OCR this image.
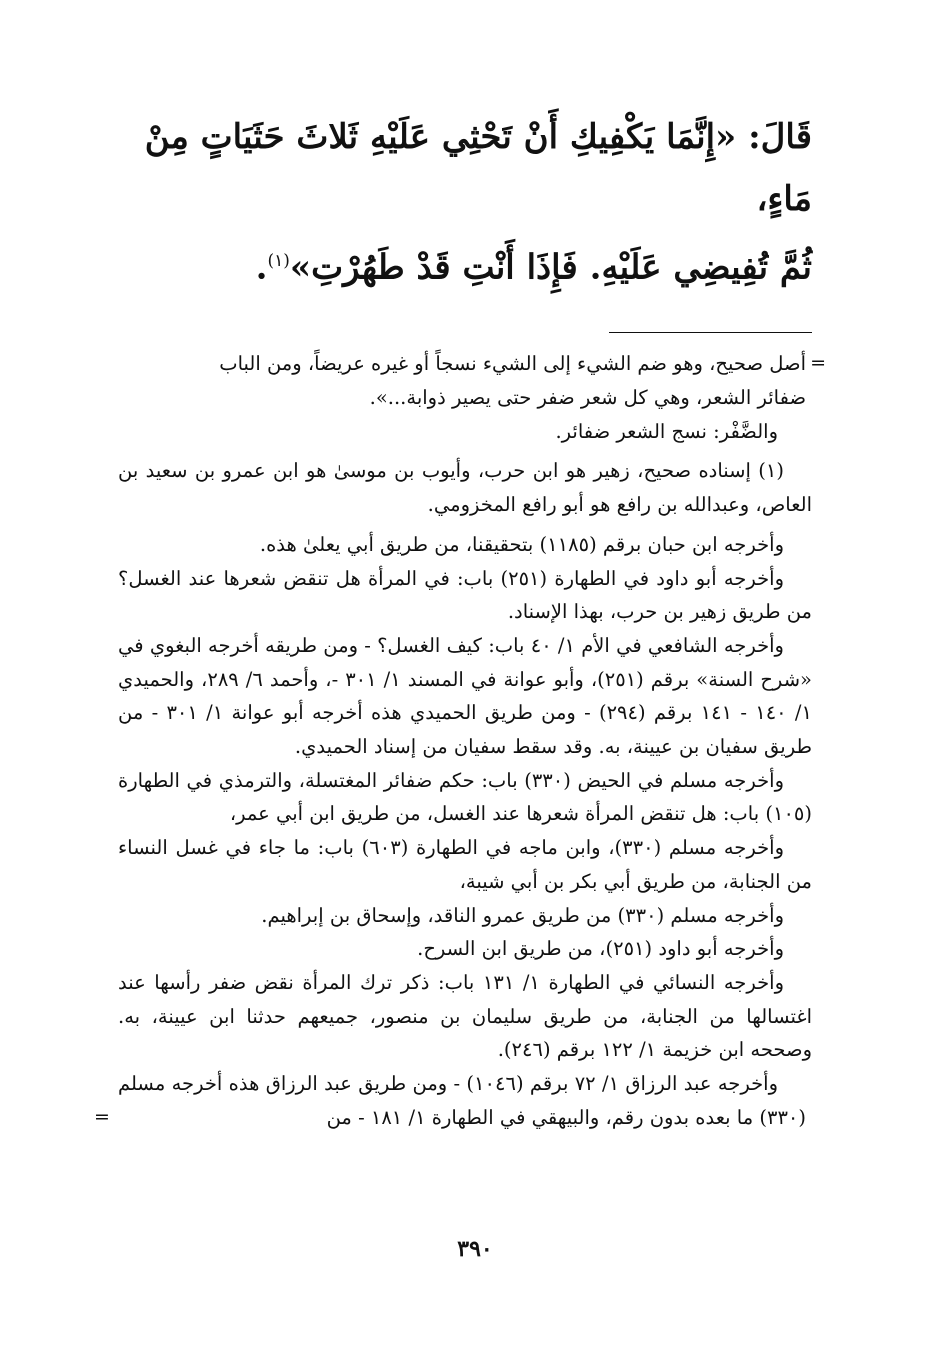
قَالَ: «إِنَّمَا يَكْفِيكِ أَنْ تَحْثِي عَلَيْهِ ثَلاثَ حَثَيَاتٍ مِنْ مَاءٍ،

ثُمَّ تُفِيضِي عَلَيْهِ. فَإِذَا أَنْتِ قَدْ طَهُرْتِ»$^{(١)}$.

=

أصل صحيح، وهو ضم الشيء إلى الشيء نسجاً أو غيره عريضاً، ومن الباب

ضفائر الشعر، وهي كل شعر ضفر حتى يصير ذوابة...».

والضَّفْر: نسج الشعر ضفائر.

(١) إسناده صحيح، زهير هو ابن حرب، وأيوب بن موسىٰ هو ابن عمرو بن سعيد بن العاص، وعبدالله بن رافع هو أبو رافع المخزومي.

وأخرجه ابن حبان برقم (١١٨٥) بتحقيقنا، من طريق أبي يعلىٰ هذه.

وأخرجه أبو داود في الطهارة (٢٥١) باب: في المرأة هل تنقض شعرها عند الغسل؟ من طريق زهير بن حرب، بهذا الإسناد.

وأخرجه الشافعي في الأم ١/ ٤٠ باب: كيف الغسل؟ - ومن طريقه أخرجه البغوي في «شرح السنة» برقم (٢٥١)، وأبو عوانة في المسند ١/ ٣٠١ -، وأحمد ٦/ ٢٨٩، والحميدي ١/ ١٤٠ - ١٤١ برقم (٢٩٤) - ومن طريق الحميدي هذه أخرجه أبو عوانة ١/ ٣٠١ - من طريق سفيان بن عيينة، به. وقد سقط سفيان من إسناد الحميدي.

وأخرجه مسلم في الحيض (٣٣٠) باب: حكم ضفائر المغتسلة، والترمذي في الطهارة (١٠٥) باب: هل تنقض المرأة شعرها عند الغسل، من طريق ابن أبي عمر،

وأخرجه مسلم (٣٣٠)، وابن ماجه في الطهارة (٦٠٣) باب: ما جاء في غسل النساء من الجنابة، من طريق أبي بكر بن أبي شيبة،

وأخرجه مسلم (٣٣٠) من طريق عمرو الناقد، وإسحاق بن إبراهيم.

وأخرجه أبو داود (٢٥١)، من طريق ابن السرح.

وأخرجه النسائي في الطهارة ١/ ١٣١ باب: ذكر ترك المرأة نقض ضفر رأسها عند اغتسالها من الجنابة، من طريق سليمان بن منصور، جميعهم حدثنا ابن عيينة، به. وصححه ابن خزيمة ١/ ١٢٢ برقم (٢٤٦).

وأخرجه عبد الرزاق ١/ ٧٢ برقم (١٠٤٦) - ومن طريق عبد الرزاق هذه أخرجه مسلم (٣٣٠) ما بعده بدون رقم، والبيهقي في الطهارة ١/ ١٨١ - من

=
٣٩٠
